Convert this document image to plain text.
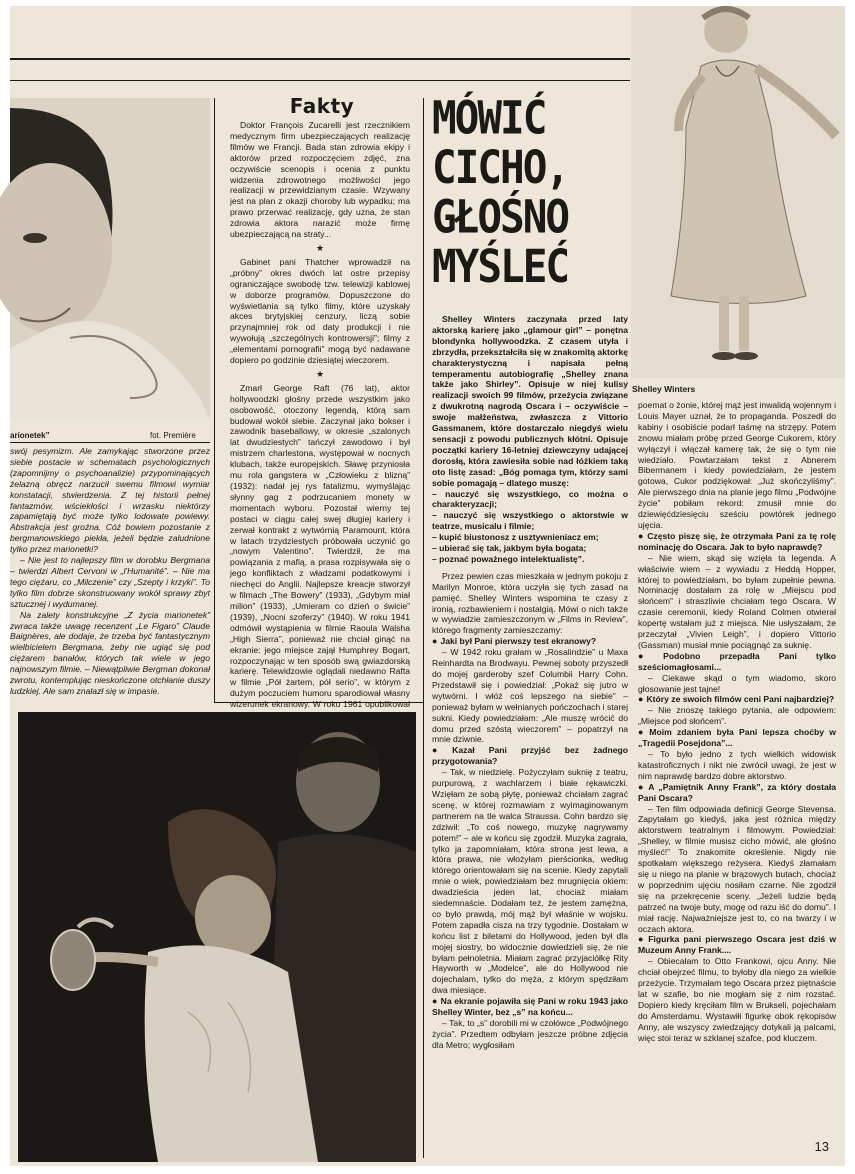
arionetek”	fot. Première

swój pesymizm. Ale zamykając stworzone przez siebie postacie w schematach psychologicznych (zapomnijmy o psychoanalizie) przypominających żelazną obręcz narzucił swemu filmowi wymiar konstatacji, stwierdzenia. Z tej historii pełnej fantazmów, wściekłości i wrzasku niektórzy zapamiętają być może tylko lodowate powiewy. Abstrakcja jest groźna. Cóż bowiem pozostanie z bergmanowskiego piekła, jeżeli będzie zaludnione tylko przez marionetki?

– Nie jest to najlepszy film w dorobku Bergmana – twierdzi Albert Cervoni w „l'Humanité”. – Nie ma tego ciężaru, co „Milczenie” czy „Szepty i krzyki”. To tylko film dobrze skonstruowany wokół sprawy zbyt sztucznej i wydumanej.

Na zalety konstrukcyjne „Z życia marionetek” zwraca także uwagę recenzent „Le Figaro” Claude Baignères, ale dodaje, że trzeba być fantastycznym wielbicielem Bergmana, żeby nie ugiąć się pod ciężarem banałów, których tak wiele w jego najnowszym filmie. – Niewątpliwie Bergman dokonał zwrotu, kontemplując nieskończone otchłanie duszy ludzkiej. Ale sam znalazł się w impasie.

Fakty

Doktor François Zucarelli jest rzecznikiem medycznym firm ubezpieczających realizację filmów we Francji. Bada stan zdrowia ekipy i aktorów przed rozpoczęciem zdjęć, zna oczywiście scenopis i ocenia z punktu widzenia zdrowotnego możliwości jego realizacji w przewidzianym czasie. Wzywany jest na plan z okazji choroby lub wypadku; ma prawo przerwać realizację, gdy uzna, że stan zdrowia aktora narazić może firmę ubezpieczającą na straty...

★

Gabinet pani Thatcher wprowadził na „próbny” okres dwóch lat ostre przepisy ograniczające swobodę tzw. telewizji kablowej w doborze programów. Dopuszczone do wyświetlania są tylko filmy, które uzyskały akces brytyjskiej cenzury, liczą sobie przynajmniej rok od daty produkcji i nie wywołują „szczególnych kontrowersji”; filmy z „elementami pornografii” mogą być nadawane dopiero po godzinie dziesiątej wieczorem.

★

Zmarł George Raft (76 lat), aktor hollywoodzki głośny przede wszystkim jako osobowość, otoczony legendą, którą sam budował wokół siebie. Zaczynał jako bokser i zawodnik baseballowy, w okresie „szalonych lat dwudziestych” tańczył zawodowo i był mistrzem charlestona, występował w nocnych klubach, także europejskich. Sławę przyniosła mu rola gangstera w „Człowieku z blizną” (1932): nadał jej rys fatalizmu, wymyślając słynny gag z podrzucaniem monety w momentach wyboru. Pozostał wierny tej postaci w ciągu całej swej długiej kariery i zerwał kontrakt z wytwórnią Paramount, która w latach trzydziestych próbowała uczynić go „nowym Valentino”. Twierdził, że ma powiązania z mafią, a prasa rozpisywała się o jego konfliktach z władzami podatkowymi i niechęci do Anglii. Najlepsze kreacje stworzył w filmach „The Bowery” (1933), „Gdybym miał milion” (1933), „Umieram co dzień o świcie” (1939), „Nocni szoferzy” (1940). W roku 1941 odmówił wystąpienia w filmie Raoula Walsha „High Sierra”, ponieważ nie chciał ginąć na ekranie: jego miejsce zajął Humphrey Bogart, rozpoczynając w ten sposób swą gwiazdorską karierę. Telewidzowie oglądali niedawno Rafta w filmie „Pół żartem, pół serio”, w którym z dużym poczuciem humoru sparodiował własny wizerunek ekranowy. W roku 1961 opublikował

MÓWIĆ
CICHO,
GŁOŚNO
MYŚLEĆ
Shelley Winters

Shelley Winters zaczynała przed laty aktorską karierę jako „glamour girl” – ponętna blondynka hollywoodzka. Z czasem utyła i zbrzydła, przekształciła się w znakomitą aktorkę charakterystyczną i napisała pełną temperamentu autobiografię „Shelley znana także jako Shirley”. Opisuje w niej kulisy realizacji swoich 99 filmów, przeżycia związane z dwukrotną nagrodą Oscara i – oczywiście – swoje małżeństwa, zwłaszcza z Vittorio Gassmanem, które dostarczało niegdyś wielu sensacji z powodu publicznych kłótni. Opisuje początki kariery 16-letniej dziewczyny udającej dorosłą, która zawiesiła sobie nad łóżkiem taką oto listę zasad: „Bóg pomaga tym, którzy sami sobie pomagają – dlatego muszę:

– nauczyć się wszystkiego, co można o charakteryzacji;

– nauczyć się wszystkiego o aktorstwie w teatrze, musicalu i filmie;

– kupić biustonosz z usztywnieniacz em;

– ubierać się tak, jakbym była bogata;

– poznać poważnego intelektualistę”.

Przez pewien czas mieszkała w jednym pokoju z Marilyn Monroe, która uczyła się tych zasad na pamięć. Shelley Winters wspomina te czasy z ironią, rozbawieniem i nostalgią. Mówi o nich także w wywiadzie zamieszczonym w „Films in Review”, którego fragmenty zamieszczamy:

● Jaki był Pani pierwszy test ekranowy?

– W 1942 roku grałam w „Rosalindzie” u Maxa Reinhardta na Brodwayu. Pewnej soboty przyszedł do mojej garderoby szef Columbii Harry Cohn. Przedstawił się i powiedział: „Pokaż się jutro w wytwórni. I włóż coś lepszego na siebie” – ponieważ byłam w wełnianych pończochach i starej sukni. Kiedy powiedziałam: „Ale muszę wrócić do domu przed szóstą wieczorem” – popatrzył na mnie dziwnie.

● Kazał Pani przyjść bez żadnego przygotowania?

– Tak, w niedzielę. Pożyczyłam suknię z teatru, purpurową, z wachlarzem i białe rękawiczki. Wzięłam ze sobą płytę, ponieważ chciałam zagrać scenę, w której rozmawiam z wyimaginowanym partnerem na tle walca Straussa. Cohn bardzo się zdziwił: „To coś nowego, muzykę nagrywamy potem!” – ale w końcu się zgodził. Muzyka zagrała, tylko ja zapomniałam, która strona jest lewa, a która prawa, nie włożyłam pierścionka, według którego orientowałam się na scenie. Kiedy zapytali mnie o wiek, powiedziałam bez mrugnięcia okiem: dwadzieścia jeden lat, chociaż miałam siedemnaście. Dodałam też, że jestem zamężna, co było prawdą, mój mąż był właśnie w wojsku. Potem zapadła cisza na trzy tygodnie. Dostałam w końcu list z biletami do Hollywood, jeden był dla mojej siostry, bo widocznie dowiedzieli się, że nie byłam pełnoletnia. Miałam zagrać przyjaciółkę Rity Hayworth w „Modelce”, ale do Hollywood nie dojechalam, tylko do męża, z którym spędziłam dwa miesiące.

● Na ekranie pojawiła się Pani w roku 1943 jako Shelley Winter, bez „s” na końcu...

– Tak, to „s” dorobili mi w czołówce „Podwójnego życia”. Przedtem odbyłam jeszcze próbne zdjęcia dla Metro; wygłosiłam

poemat o żonie, której mąż jest inwalidą wojennym i Louis Mayer uznał, że to propaganda. Poszedł do kabiny i osobiście podarł taśmę na strzępy. Potem znowu miałam próbę przed George Cukorem, który wyłączył i włączał kamerę tak, że się o tym nie wiedziało. Powtarzałam tekst z Abnerem Bibermanem i kiedy powiedziałam, że jestem gotowa, Cukor podziękował: „Już skończyliśmy”. Ale pierwszego dnia na planie jego filmu „Podwójne życie” pobiłam rekord: zmusił mnie do dziewięćdziesięciu sześciu powtórek jednego ujęcia.

● Często piszę się, że otrzymała Pani za tę rolę nominację do Oscara. Jak to było naprawdę?

– Nie wiem, skąd się wzięła ta legenda. A właściwie wiem – z wywiadu z Heddą Hopper, której to powiedziałam, bo byłam zupełnie pewna. Nominację dostałam za rolę w „Miejscu pod słońcem” i straszliwie chciałam tego Oscara. W czasie ceremonii, kiedy Roland Colmen otwierał kopertę wstałam już z miejsca. Nie usłyszałam, że przeczytał „Vivien Leigh”, i dopiero Vittorio (Gassman) musiał mnie pociągnąć za suknię.

● Podobno przepadła Pani tylko sześciomagłosami...

– Ciekawe skąd o tym wiadomo, skoro głosowanie jest tajne!

● Który ze swoich filmów ceni Pani najbardziej?

– Nie znoszę takiego pytania, ale odpowiem: „Miejsce pod słońcem”.

● Moim zdaniem była Pani lepsza choćby w „Tragedii Posejdona”...

– To było jedno z tych wielkich widowisk katastroficznych i nikt nie zwrócił uwagi, że jest w nim naprawdę bardzo dobre aktorstwo.

● A „Pamiętnik Anny Frank”, za który dostała Pani Oscara?

– Ten film odpowiada definicji George Stevensa. Zapytałam go kiedyś, jaka jest różnica między aktorstwem teatralnym i filmowym. Powiedział: „Shelley, w filmie musisz cicho mówić, ale głośno myśleć!” To znakomite określenie. Nigdy nie spotkałam większego reżysera. Kiedyś złamałam się u niego na planie w brązowych butach, chociaż w poprzednim ujęciu nosiłam czarne. Nie zgodził się na przekręcenie sceny. „Jeżeli ludzie będą patrzeć na twoje buty, mogę od razu iść do domu”. I miał rację. Najważniejsze jest to, co na twarzy i w oczach aktora.

● Figurka pani pierwszego Oscara jest dziś w Muzeum Anny Frank....

– Obiecałam to Otto Frankowi, ojcu Anny. Nie chciał obejrzeć filmu, to byłoby dla niego za wielkie przeżycie. Trzymałam tego Oscara przez piętnaście lat w szafie, bo nie mogłam się z nim rozstać. Dopiero kiedy kręciłam film w Brukseli, pojechałam do Amsterdamu. Wystawiłi figurkę obok rękopisów Anny, ale wszyscy zwiedzający dotykali ją palcami, więc stoi teraz w szklanej szafce, pod kluczem.

13
